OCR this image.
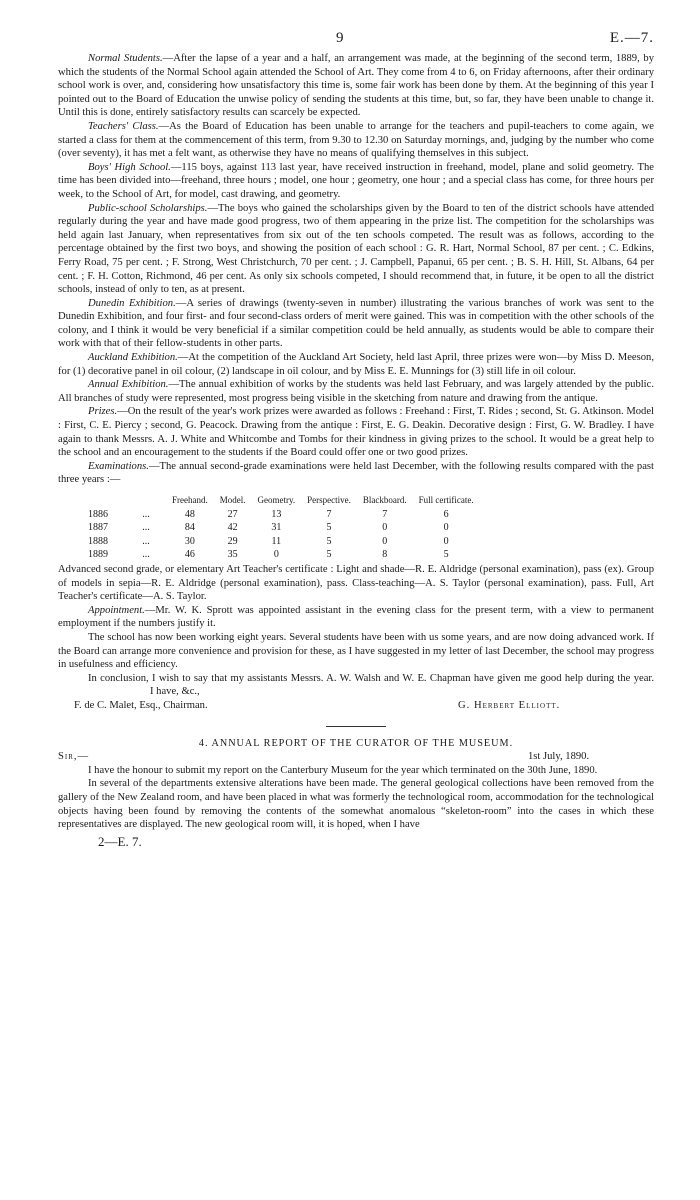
9	E.—7.

Normal Students.—After the lapse of a year and a half, an arrangement was made, at the beginning of the second term, 1889, by which the students of the Normal School again attended the School of Art. They come from 4 to 6, on Friday afternoons, after their ordinary school work is over, and, considering how unsatisfactory this time is, some fair work has been done by them. At the beginning of this year I pointed out to the Board of Education the unwise policy of sending the students at this time, but, so far, they have been unable to change it. Until this is done, entirely satisfactory results can scarcely be expected.

Teachers' Class.—As the Board of Education has been unable to arrange for the teachers and pupil-teachers to come again, we started a class for them at the commencement of this term, from 9.30 to 12.30 on Saturday mornings, and, judging by the number who come (over seventy), it has met a felt want, as otherwise they have no means of qualifying themselves in this subject.

Boys' High School.—115 boys, against 113 last year, have received instruction in freehand, model, plane and solid geometry. The time has been divided into—freehand, three hours ; model, one hour ; geometry, one hour ; and a special class has come, for three hours per week, to the School of Art, for model, cast drawing, and geometry.

Public-school Scholarships.—The boys who gained the scholarships given by the Board to ten of the district schools have attended regularly during the year and have made good progress, two of them appearing in the prize list. The competition for the scholarships was held again last January, when representatives from six out of the ten schools competed. The result was as follows, according to the percentage obtained by the first two boys, and showing the position of each school : G. R. Hart, Normal School, 87 per cent. ; C. Edkins, Ferry Road, 75 per cent. ; F. Strong, West Christchurch, 70 per cent. ; J. Campbell, Papanui, 65 per cent. ; B. S. H. Hill, St. Albans, 64 per cent. ; F. H. Cotton, Richmond, 46 per cent. As only six schools competed, I should recommend that, in future, it be open to all the district schools, instead of only to ten, as at present.

Dunedin Exhibition.—A series of drawings (twenty-seven in number) illustrating the various branches of work was sent to the Dunedin Exhibition, and four first- and four second-class orders of merit were gained. This was in competition with the other schools of the colony, and I think it would be very beneficial if a similar competition could be held annually, as students would be able to compare their work with that of their fellow-students in other parts.

Auckland Exhibition.—At the competition of the Auckland Art Society, held last April, three prizes were won—by Miss D. Meeson, for (1) decorative panel in oil colour, (2) landscape in oil colour, and by Miss E. E. Munnings for (3) still life in oil colour.

Annual Exhibition.—The annual exhibition of works by the students was held last February, and was largely attended by the public. All branches of study were represented, most progress being visible in the sketching from nature and drawing from the antique.

Prizes.—On the result of the year's work prizes were awarded as follows : Freehand : First, T. Rides ; second, St. G. Atkinson. Model : First, C. E. Piercy ; second, G. Peacock. Drawing from the antique : First, E. G. Deakin. Decorative design : First, G. W. Bradley. I have again to thank Messrs. A. J. White and Whitcombe and Tombs for their kindness in giving prizes to the school. It would be a great help to the school and an encouragement to the students if the Board could offer one or two good prizes.

Examinations.—The annual second-grade examinations were held last December, with the following results compared with the past three years :—

		Freehand.	Model.	Geometry.	Perspective.	Blackboard.	Full certificate.
1886	...	48	27	13	7	7	6
1887	...	84	42	31	5	0	0
1888	...	30	29	11	5	0	0
1889	...	46	35	0	5	8	5

Advanced second grade, or elementary Art Teacher's certificate : Light and shade—R. E. Aldridge (personal examination), pass (ex). Group of models in sepia—R. E. Aldridge (personal examination), pass. Class-teaching—A. S. Taylor (personal examination), pass. Full, Art Teacher's certificate—A. S. Taylor.

Appointment.—Mr. W. K. Sprott was appointed assistant in the evening class for the present term, with a view to permanent employment if the numbers justify it.

The school has now been working eight years. Several students have been with us some years, and are now doing advanced work. If the Board can arrange more convenience and provision for these, as I have suggested in my letter of last December, the school may progress in usefulness and efficiency.

In conclusion, I wish to say that my assistants Messrs. A. W. Walsh and W. E. Chapman have given me good help during the year.I have, &c.,

F. de C. Malet, Esq., Chairman.	G. Herbert Elliott.
4. ANNUAL REPORT OF THE CURATOR OF THE MUSEUM.
Sir,—	1st July, 1890.

I have the honour to submit my report on the Canterbury Museum for the year which terminated on the 30th June, 1890.

In several of the departments extensive alterations have been made. The general geological collections have been removed from the gallery of the New Zealand room, and have been placed in what was formerly the technological room, accommodation for the technological objects having been found by removing the contents of the somewhat anomalous “skeleton-room” into the cases in which these representatives are displayed. The new geological room will, it is hoped, when I have

2—E. 7.
